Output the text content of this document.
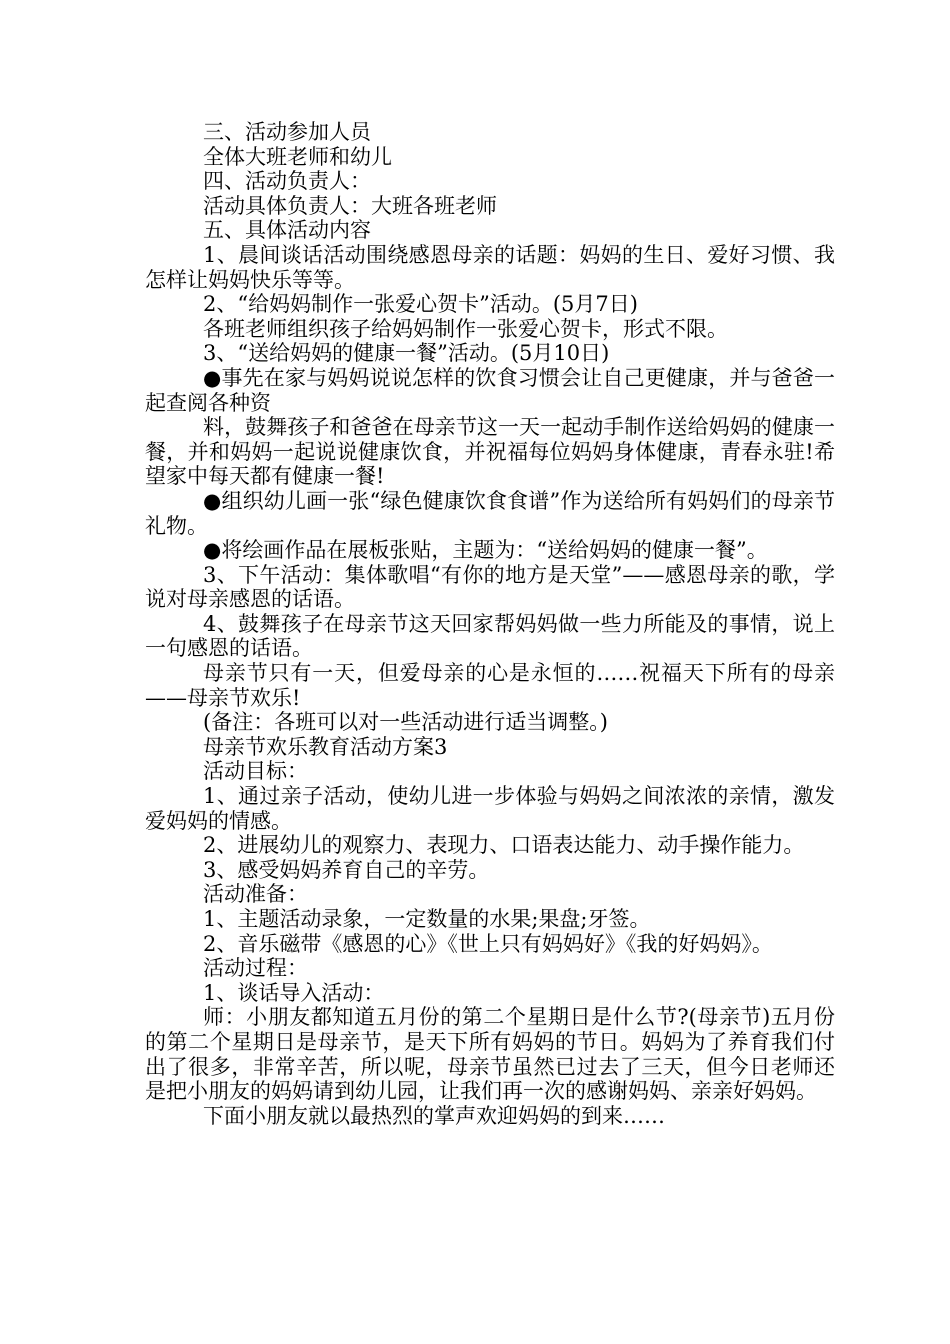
三、活动参加人员

全体大班老师和幼儿

四、活动负责人：

活动具体负责人：大班各班老师

五、具体活动内容

1、晨间谈话活动围绕感恩母亲的话题：妈妈的生日、爱好习惯、我怎样让妈妈快乐等等。

2、“给妈妈制作一张爱心贺卡”活动。(5月7日)

各班老师组织孩子给妈妈制作一张爱心贺卡，形式不限。

3、“送给妈妈的健康一餐”活动。(5月10日)

●事先在家与妈妈说说怎样的饮食习惯会让自己更健康，并与爸爸一起查阅各种资

料，鼓舞孩子和爸爸在母亲节这一天一起动手制作送给妈妈的健康一餐，并和妈妈一起说说健康饮食，并祝福每位妈妈身体健康，青春永驻!希望家中每天都有健康一餐!

●组织幼儿画一张“绿色健康饮食食谱”作为送给所有妈妈们的母亲节礼物。

●将绘画作品在展板张贴，主题为：“送给妈妈的健康一餐”。

3、下午活动：集体歌唱“有你的地方是天堂”——感恩母亲的歌，学说对母亲感恩的话语。

4、鼓舞孩子在母亲节这天回家帮妈妈做一些力所能及的事情，说上一句感恩的话语。

母亲节只有一天，但爱母亲的心是永恒的……祝福天下所有的母亲——母亲节欢乐!

(备注：各班可以对一些活动进行适当调整。)

母亲节欢乐教育活动方案3

活动目标：

1、通过亲子活动，使幼儿进一步体验与妈妈之间浓浓的亲情，激发爱妈妈的情感。

2、进展幼儿的观察力、表现力、口语表达能力、动手操作能力。

3、感受妈妈养育自己的辛劳。

活动准备：

1、主题活动录象，一定数量的水果;果盘;牙签。

2、音乐磁带《感恩的心》《世上只有妈妈好》《我的好妈妈》。

活动过程：

1、谈话导入活动：

师：小朋友都知道五月份的第二个星期日是什么节?(母亲节)五月份的第二个星期日是母亲节，是天下所有妈妈的节日。妈妈为了养育我们付出了很多，非常辛苦，所以呢，母亲节虽然已过去了三天，但今日老师还是把小朋友的妈妈请到幼儿园，让我们再一次的感谢妈妈、亲亲好妈妈。

下面小朋友就以最热烈的掌声欢迎妈妈的到来……
